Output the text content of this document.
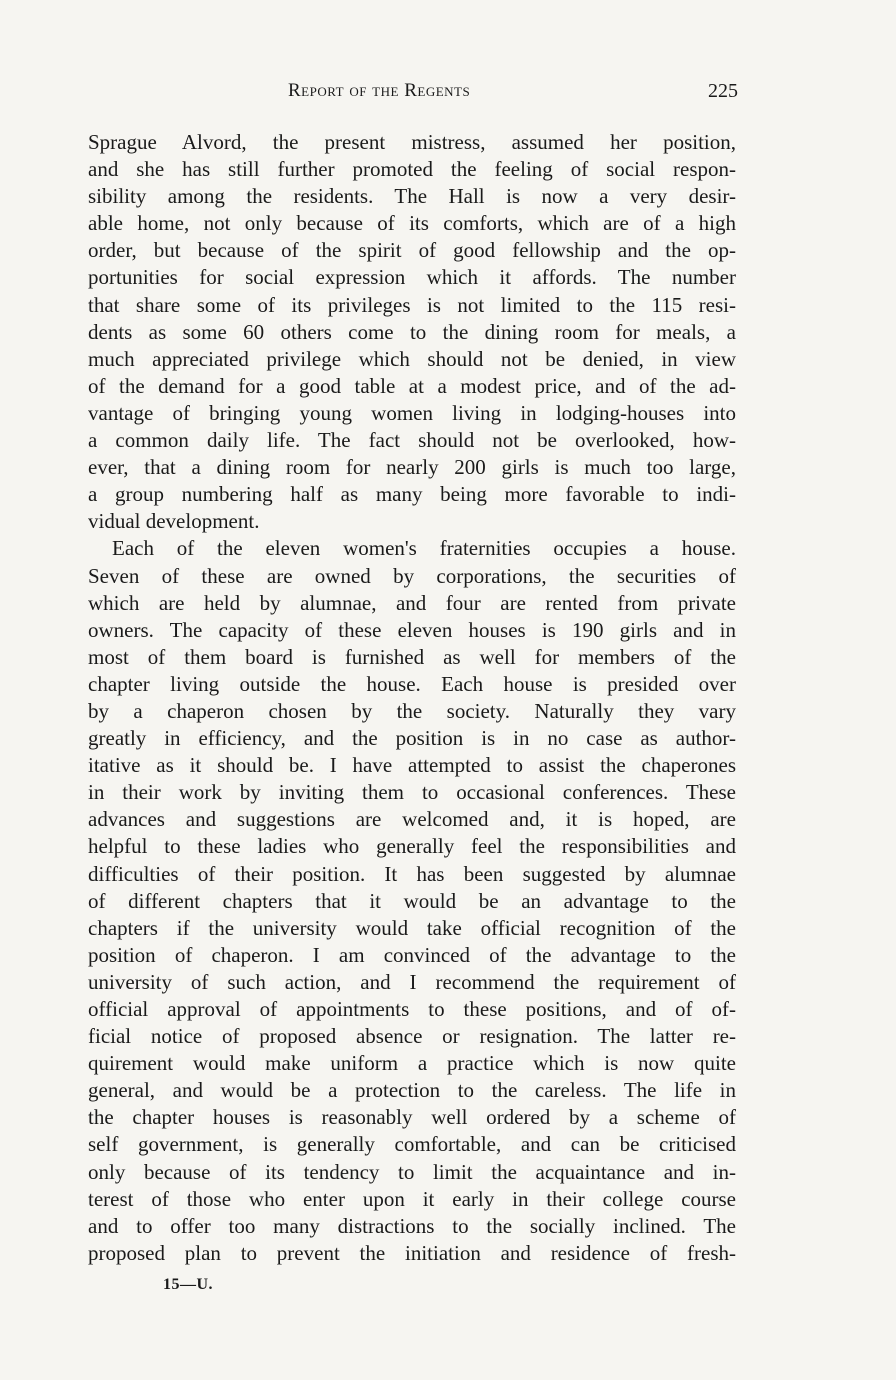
Report of the Regents	225
Sprague Alvord, the present mistress, assumed her position,
and she has still further promoted the feeling of social respon-
sibility among the residents. The Hall is now a very desir-
able home, not only because of its comforts, which are of a high
order, but because of the spirit of good fellowship and the op-
portunities for social expression which it affords. The number
that share some of its privileges is not limited to the 115 resi-
dents as some 60 others come to the dining room for meals, a
much appreciated privilege which should not be denied, in view
of the demand for a good table at a modest price, and of the ad-
vantage of bringing young women living in lodging-houses into
a common daily life. The fact should not be overlooked, how-
ever, that a dining room for nearly 200 girls is much too large,
a group numbering half as many being more favorable to indi-
vidual development.
Each of the eleven women's fraternities occupies a house.
Seven of these are owned by corporations, the securities of
which are held by alumnae, and four are rented from private
owners. The capacity of these eleven houses is 190 girls and in
most of them board is furnished as well for members of the
chapter living outside the house. Each house is presided over
by a chaperon chosen by the society. Naturally they vary
greatly in efficiency, and the position is in no case as author-
itative as it should be. I have attempted to assist the chaperones
in their work by inviting them to occasional conferences. These
advances and suggestions are welcomed and, it is hoped, are
helpful to these ladies who generally feel the responsibilities and
difficulties of their position. It has been suggested by alumnae
of different chapters that it would be an advantage to the
chapters if the university would take official recognition of the
position of chaperon. I am convinced of the advantage to the
university of such action, and I recommend the requirement of
official approval of appointments to these positions, and of of-
ficial notice of proposed absence or resignation. The latter re-
quirement would make uniform a practice which is now quite
general, and would be a protection to the careless. The life in
the chapter houses is reasonably well ordered by a scheme of
self government, is generally comfortable, and can be criticised
only because of its tendency to limit the acquaintance and in-
terest of those who enter upon it early in their college course
and to offer too many distractions to the socially inclined. The
proposed plan to prevent the initiation and residence of fresh-
15—U.
